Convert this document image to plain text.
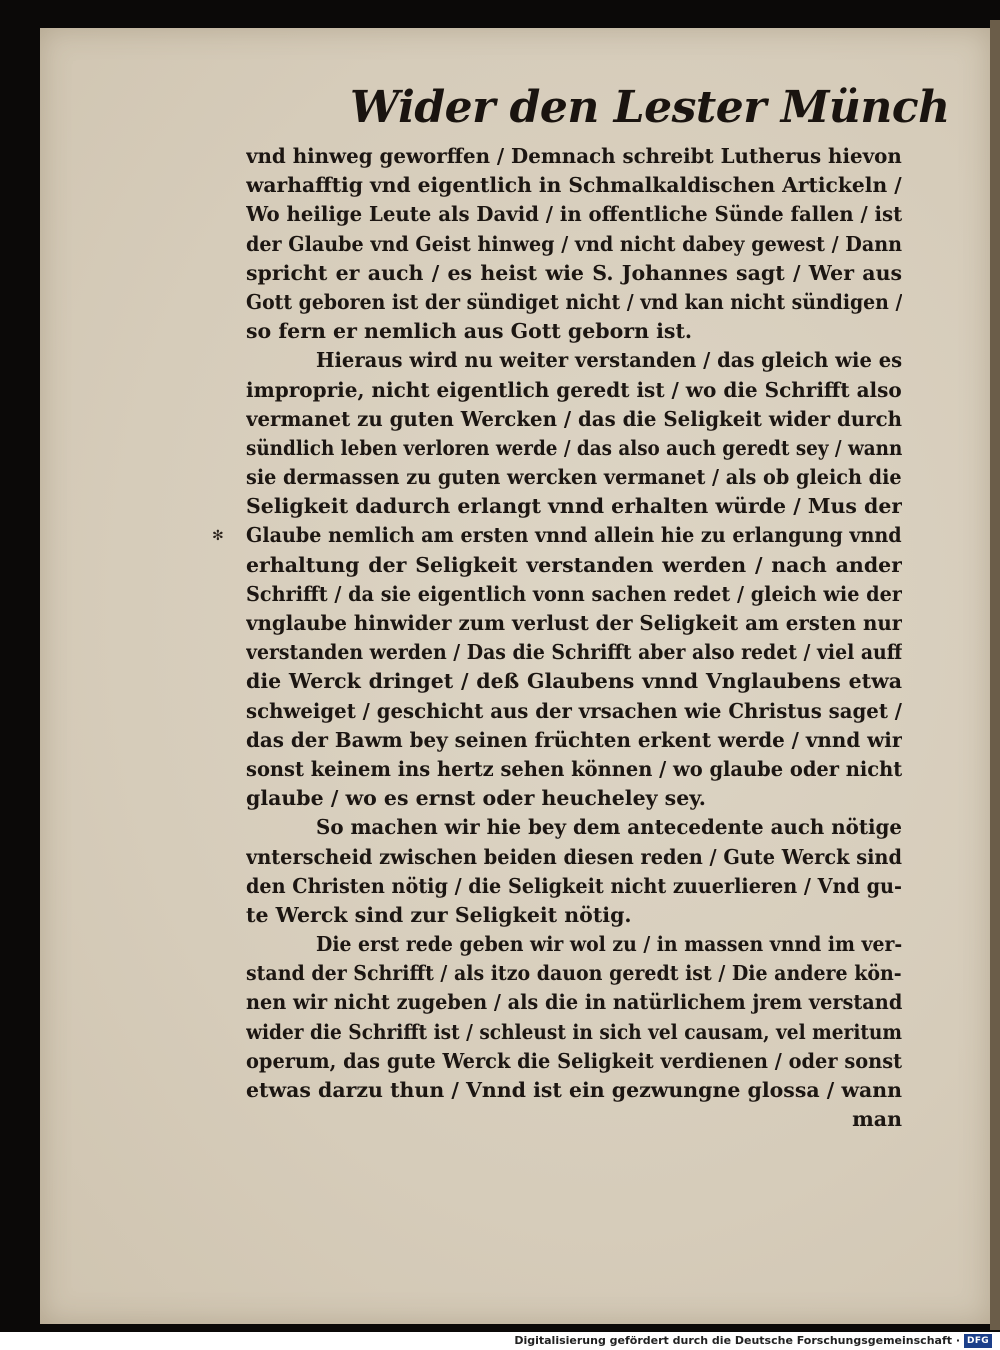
Wider den Lester Münch
vnd hinweg geworffen / Demnach schreibt Lutherus hievon
warhafftig vnd eigentlich in Schmalkaldischen Artickeln /
Wo heilige Leute als David / in offentliche Sünde fallen / ist
der Glaube vnd Geist hinweg / vnd nicht dabey gewest / Dann
spricht er auch / es heist wie S. Johannes sagt / Wer aus
Gott geboren ist der sündiget nicht / vnd kan nicht sündigen /
so fern er nemlich aus Gott geborn ist.
Hieraus wird nu weiter verstanden / das gleich wie es
improprie, nicht eigentlich geredt ist / wo die Schrifft also
vermanet zu guten Wercken / das die Seligkeit wider durch
sündlich leben verloren werde / das also auch geredt sey / wann
sie dermassen zu guten wercken vermanet / als ob gleich die
Seligkeit dadurch erlangt vnnd erhalten würde / Mus der
Glaube nemlich am ersten vnnd allein hie zu erlangung vnnd
erhaltung der Seligkeit verstanden werden / nach ander
Schrifft / da sie eigentlich vonn sachen redet / gleich wie der
vnglaube hinwider zum verlust der Seligkeit am ersten nur
verstanden werden / Das die Schrifft aber also redet / viel auff
die Werck dringet / deß Glaubens vnnd Vnglaubens etwa
schweiget / geschicht aus der vrsachen wie Christus saget /
das der Bawm bey seinen früchten erkent werde / vnnd wir
sonst keinem ins hertz sehen können / wo glaube oder nicht
glaube / wo es ernst oder heucheley sey.
So machen wir hie bey dem antecedente auch nötige
vnterscheid zwischen beiden diesen reden / Gute Werck sind
den Christen nötig / die Seligkeit nicht zuuerlieren / Vnd gu-
te Werck sind zur Seligkeit nötig.
Die erst rede geben wir wol zu / in massen vnnd im ver-
stand der Schrifft / als itzo dauon geredt ist / Die andere kön-
nen wir nicht zugeben / als die in natürlichem jrem verstand
wider die Schrifft ist / schleust in sich vel causam, vel meritum
operum, das gute Werck die Seligkeit verdienen / oder sonst
etwas darzu thun / Vnnd ist ein gezwungne glossa / wann
man
✻
Digitalisierung gefördert durch die Deutsche Forschungsgemeinschaft · DFG
